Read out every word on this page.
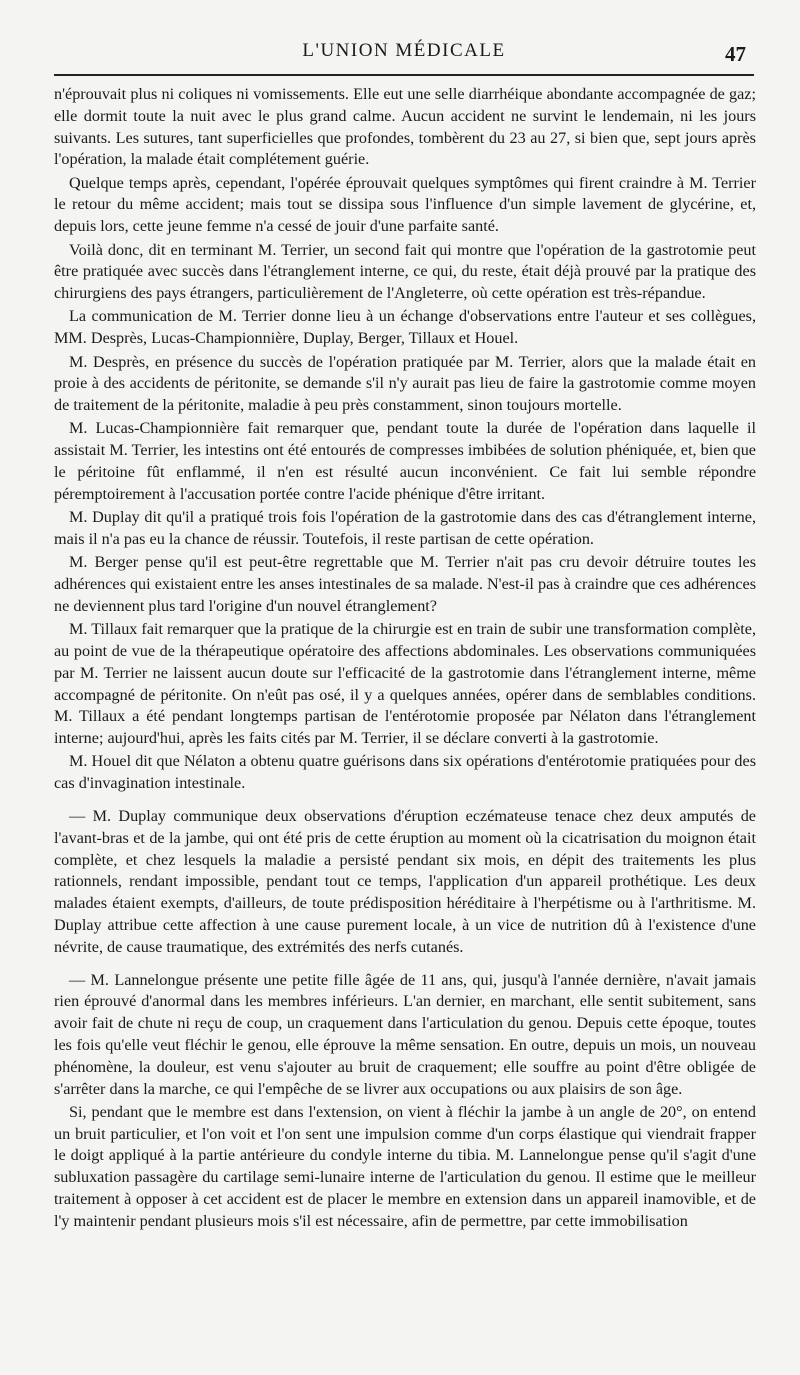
L'UNION MÉDICALE	47

n'éprouvait plus ni coliques ni vomissements. Elle eut une selle diarrhéique abondante accompagnée de gaz; elle dormit toute la nuit avec le plus grand calme. Aucun accident ne survint le lendemain, ni les jours suivants. Les sutures, tant superficielles que profondes, tombèrent du 23 au 27, si bien que, sept jours après l'opération, la malade était complétement guérie.

Quelque temps après, cependant, l'opérée éprouvait quelques symptômes qui firent craindre à M. Terrier le retour du même accident; mais tout se dissipa sous l'influence d'un simple lavement de glycérine, et, depuis lors, cette jeune femme n'a cessé de jouir d'une parfaite santé.

Voilà donc, dit en terminant M. Terrier, un second fait qui montre que l'opération de la gastrotomie peut être pratiquée avec succès dans l'étranglement interne, ce qui, du reste, était déjà prouvé par la pratique des chirurgiens des pays étrangers, particulièrement de l'Angleterre, où cette opération est très-répandue.

La communication de M. Terrier donne lieu à un échange d'observations entre l'auteur et ses collègues, MM. Desprès, Lucas-Championnière, Duplay, Berger, Tillaux et Houel.

M. Desprès, en présence du succès de l'opération pratiquée par M. Terrier, alors que la malade était en proie à des accidents de péritonite, se demande s'il n'y aurait pas lieu de faire la gastrotomie comme moyen de traitement de la péritonite, maladie à peu près constamment, sinon toujours mortelle.

M. Lucas-Championnière fait remarquer que, pendant toute la durée de l'opération dans laquelle il assistait M. Terrier, les intestins ont été entourés de compresses imbibées de solution phéniquée, et, bien que le péritoine fût enflammé, il n'en est résulté aucun inconvénient. Ce fait lui semble répondre péremptoirement à l'accusation portée contre l'acide phénique d'être irritant.

M. Duplay dit qu'il a pratiqué trois fois l'opération de la gastrotomie dans des cas d'étranglement interne, mais il n'a pas eu la chance de réussir. Toutefois, il reste partisan de cette opération.

M. Berger pense qu'il est peut-être regrettable que M. Terrier n'ait pas cru devoir détruire toutes les adhérences qui existaient entre les anses intestinales de sa malade. N'est-il pas à craindre que ces adhérences ne deviennent plus tard l'origine d'un nouvel étranglement?

M. Tillaux fait remarquer que la pratique de la chirurgie est en train de subir une transformation complète, au point de vue de la thérapeutique opératoire des affections abdominales. Les observations communiquées par M. Terrier ne laissent aucun doute sur l'efficacité de la gastrotomie dans l'étranglement interne, même accompagné de péritonite. On n'eût pas osé, il y a quelques années, opérer dans de semblables conditions. M. Tillaux a été pendant longtemps partisan de l'entérotomie proposée par Nélaton dans l'étranglement interne; aujourd'hui, après les faits cités par M. Terrier, il se déclare converti à la gastrotomie.

M. Houel dit que Nélaton a obtenu quatre guérisons dans six opérations d'entérotomie pratiquées pour des cas d'invagination intestinale.

— M. Duplay communique deux observations d'éruption eczémateuse tenace chez deux amputés de l'avant-bras et de la jambe, qui ont été pris de cette éruption au moment où la cicatrisation du moignon était complète, et chez lesquels la maladie a persisté pendant six mois, en dépit des traitements les plus rationnels, rendant impossible, pendant tout ce temps, l'application d'un appareil prothétique. Les deux malades étaient exempts, d'ailleurs, de toute prédisposition héréditaire à l'herpétisme ou à l'arthritisme. M. Duplay attribue cette affection à une cause purement locale, à un vice de nutrition dû à l'existence d'une névrite, de cause traumatique, des extrémités des nerfs cutanés.

— M. Lannelongue présente une petite fille âgée de 11 ans, qui, jusqu'à l'année dernière, n'avait jamais rien éprouvé d'anormal dans les membres inférieurs. L'an dernier, en marchant, elle sentit subitement, sans avoir fait de chute ni reçu de coup, un craquement dans l'articulation du genou. Depuis cette époque, toutes les fois qu'elle veut fléchir le genou, elle éprouve la même sensation. En outre, depuis un mois, un nouveau phénomène, la douleur, est venu s'ajouter au bruit de craquement; elle souffre au point d'être obligée de s'arrêter dans la marche, ce qui l'empêche de se livrer aux occupations ou aux plaisirs de son âge.

Si, pendant que le membre est dans l'extension, on vient à fléchir la jambe à un angle de 20°, on entend un bruit particulier, et l'on voit et l'on sent une impulsion comme d'un corps élastique qui viendrait frapper le doigt appliqué à la partie antérieure du condyle interne du tibia. M. Lannelongue pense qu'il s'agit d'une subluxation passagère du cartilage semi-lunaire interne de l'articulation du genou. Il estime que le meilleur traitement à opposer à cet accident est de placer le membre en extension dans un appareil inamovible, et de l'y maintenir pendant plusieurs mois s'il est nécessaire, afin de permettre, par cette immobilisation
